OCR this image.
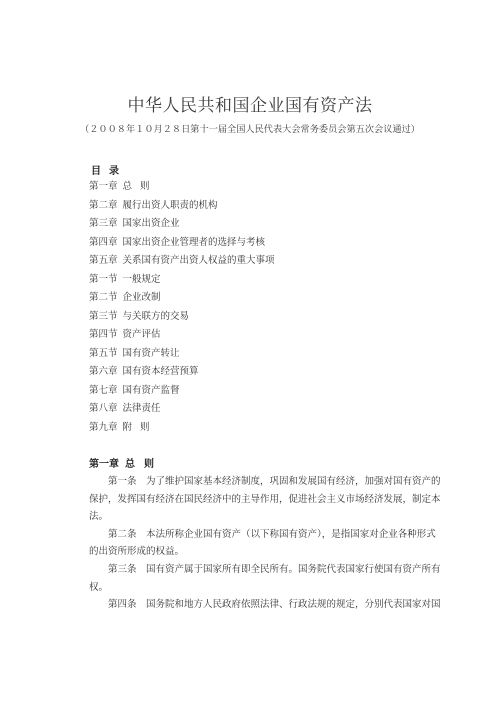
中华人民共和国企业国有资产法
（２００８年１０月２８日第十一届全国人民代表大会常务委员会第五次会议通过）
目录
第一章 总则
第二章 履行出资人职责的机构
第三章 国家出资企业
第四章 国家出资企业管理者的选择与考核
第五章 关系国有资产出资人权益的重大事项
第一节 一般规定
第二节 企业改制
第三节 与关联方的交易
第四节 资产评估
第五节 国有资产转让
第六章 国有资本经营预算
第七章 国有资产监督
第八章 法律责任
第九章 附则
第一章 总则
　　第一条　为了维护国家基本经济制度，巩固和发展国有经济，加强对国有资产的
保护，发挥国有经济在国民经济中的主导作用，促进社会主义市场经济发展，制定本
法。
　　第二条　本法所称企业国有资产（以下称国有资产），是指国家对企业各种形式
的出资所形成的权益。
　　第三条　国有资产属于国家所有即全民所有。国务院代表国家行使国有资产所有
权。
　　第四条　国务院和地方人民政府依照法律、行政法规的规定，分别代表国家对国
